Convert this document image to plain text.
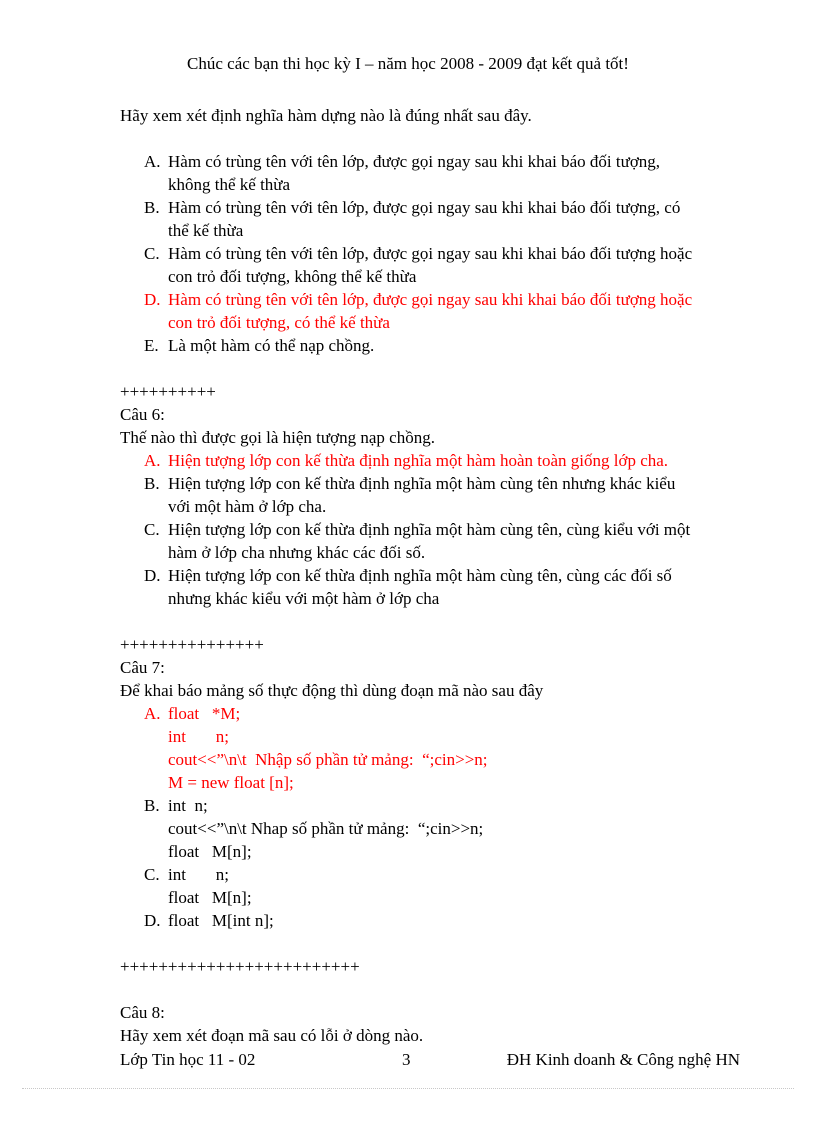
Chúc các bạn thi học kỳ I – năm học 2008 - 2009 đạt kết quả tốt!

Hãy xem xét định nghĩa hàm dựng nào là đúng nhất sau đây.

A. Hàm có trùng tên với tên lớp, được gọi ngay sau khi khai báo đối tượng,
không thể kế thừa
B. Hàm có trùng tên với tên lớp, được gọi ngay sau khi khai báo đối tượng, có
thể kế thừa
C. Hàm có trùng tên với tên lớp, được gọi ngay sau khi khai báo đối tượng hoặc
con trỏ đối tượng, không thể kế thừa
D. Hàm có trùng tên với tên lớp, được gọi ngay sau khi khai báo đối tượng hoặc
con trỏ đối tượng, có thể kế thừa
E. Là một hàm có thể nạp chồng.

++++++++++

Câu 6:

Thế nào thì được gọi là hiện tượng nạp chồng.

A. Hiện tượng lớp con kế thừa định nghĩa một hàm hoàn toàn giống lớp cha.
B. Hiện tượng lớp con kế thừa định nghĩa một hàm cùng tên nhưng khác kiểu
với một hàm ở lớp cha.
C. Hiện tượng lớp con kế thừa định nghĩa một hàm cùng tên, cùng kiểu với một
hàm ở lớp cha nhưng khác các đối số.
D. Hiện tượng lớp con kế thừa định nghĩa một hàm cùng tên, cùng các đối số
nhưng khác kiểu với một hàm ở lớp cha

+++++++++++++++

Câu 7:

Để khai báo mảng số thực động thì dùng đoạn mã nào sau đây

A. float   *M;
int       n;
cout<<”\n\t  Nhập số phần tử mảng:  “;cin>>n;
M = new float [n];
B. int  n;
cout<<”\n\t Nhap số phần tử mảng:  “;cin>>n;
float   M[n];
C. int       n;
float   M[n];
D. float   M[int n];

+++++++++++++++++++++++++

Câu 8:

Hãy xem xét đoạn mã sau có lỗi ở dòng nào.

Lớp Tin học 11 - 02	3	ĐH Kinh doanh & Công nghệ HN
